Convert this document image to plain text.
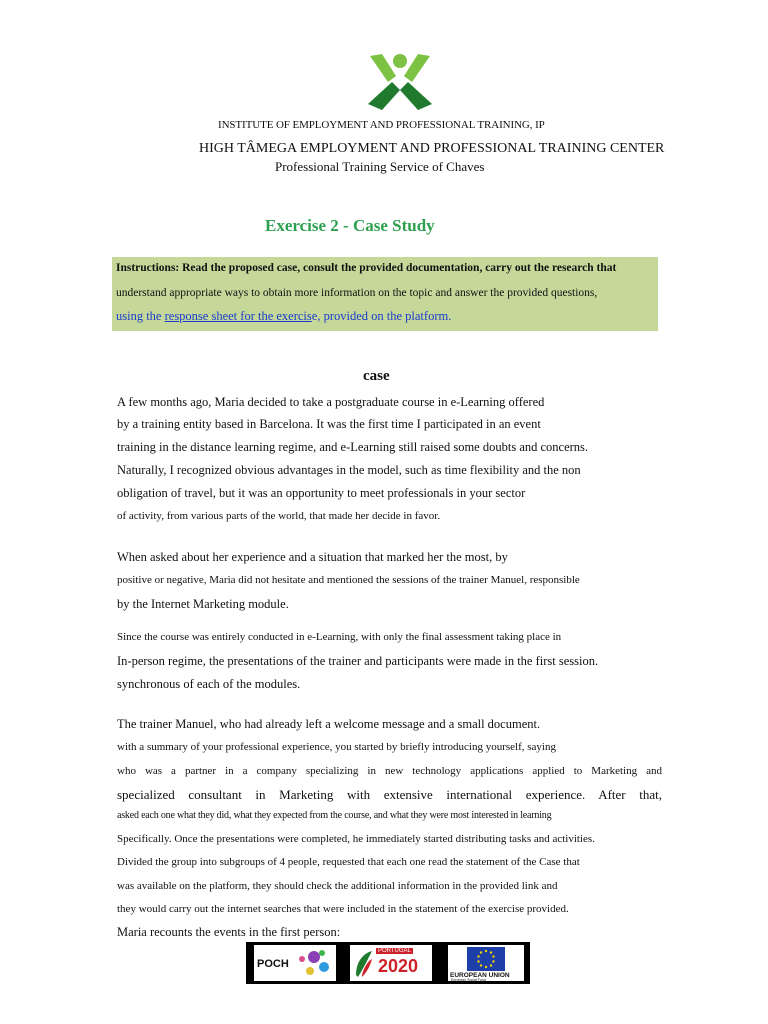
INSTITUTE OF EMPLOYMENT AND PROFESSIONAL TRAINING, IP
HIGH TÂMEGA EMPLOYMENT AND PROFESSIONAL TRAINING CENTER
Professional Training Service of Chaves
Exercise 2 - Case Study
Instructions: Read the proposed case, consult the provided documentation, carry out the research that
understand appropriate ways to obtain more information on the topic and answer the provided questions,
using the response sheet for the exercise, provided on the platform.
case
A few months ago, Maria decided to take a postgraduate course in e-Learning offered
by a training entity based in Barcelona. It was the first time I participated in an event
training in the distance learning regime, and e-Learning still raised some doubts and concerns.
Naturally, I recognized obvious advantages in the model, such as time flexibility and the non
obligation of travel, but it was an opportunity to meet professionals in your sector
of activity, from various parts of the world, that made her decide in favor.
When asked about her experience and a situation that marked her the most, by
positive or negative, Maria did not hesitate and mentioned the sessions of the trainer Manuel, responsible
by the Internet Marketing module.
Since the course was entirely conducted in e-Learning, with only the final assessment taking place in
In-person regime, the presentations of the trainer and participants were made in the first session.
synchronous of each of the modules.
The trainer Manuel, who had already left a welcome message and a small document.
with a summary of your professional experience, you started by briefly introducing yourself, saying
who was a partner in a company specializing in new technology applications applied to Marketing and
specialized consultant in Marketing with extensive international experience. After that,
asked each one what they did, what they expected from the course, and what they were most interested in learning
Specifically. Once the presentations were completed, he immediately started distributing tasks and activities.
Divided the group into subgroups of 4 people, requested that each one read the statement of the Case that
was available on the platform, they should check the additional information in the provided link and
they would carry out the internet searches that were included in the statement of the exercise provided.
Maria recounts the events in the first person:
POCH
PORTUGAL
2020	EUROPEAN UNION
European Social Fund
